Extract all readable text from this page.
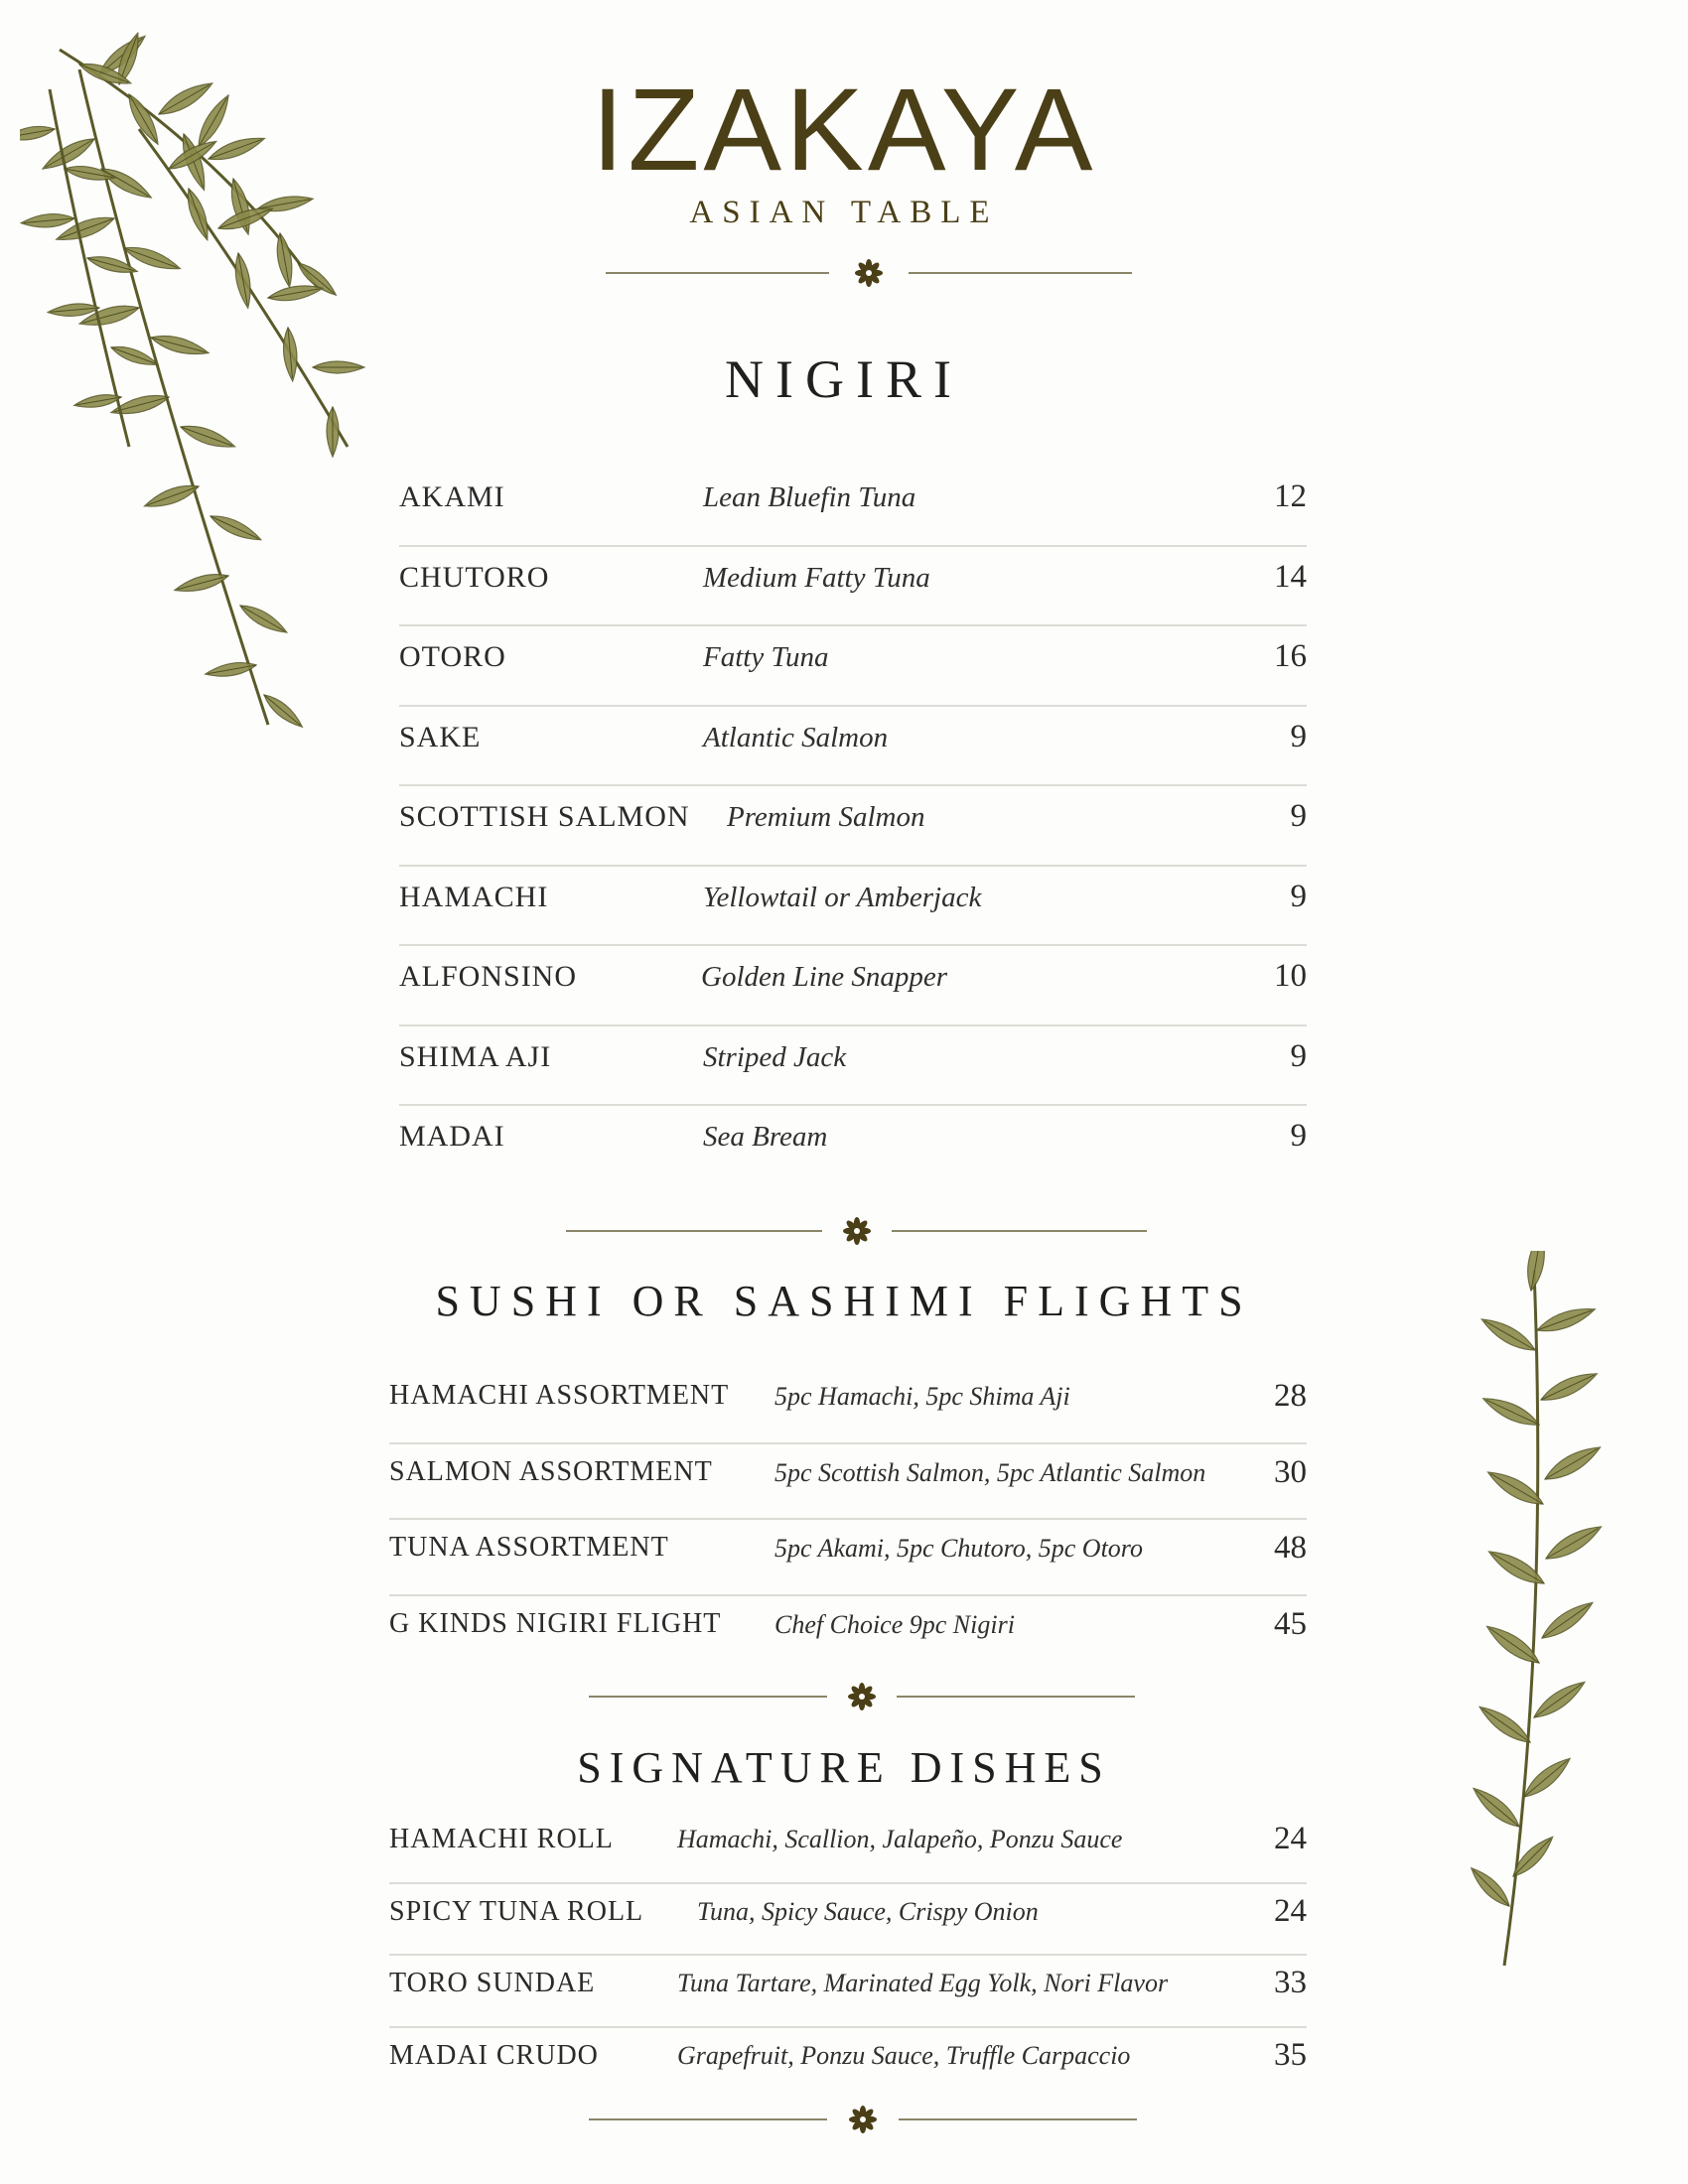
IZAKAYA
ASIAN TABLE
NIGIRI
AKAMI	Lean Bluefin Tuna	12
CHUTORO	Medium Fatty Tuna	14
OTORO	Fatty Tuna	16
SAKE	Atlantic Salmon	9
SCOTTISH SALMON Premium Salmon	9
HAMACHI	Yellowtail or Amberjack	9
ALFONSINO	Golden Line Snapper	10
SHIMA AJI	Striped Jack	9
MADAI	Sea Bream	9
SUSHI OR SASHIMI FLIGHTS
HAMACHI ASSORTMENT 5pc Hamachi, 5pc Shima Aji	28
SALMON ASSORTMENT 5pc Scottish Salmon, 5pc Atlantic Salmon 30
TUNA ASSORTMENT	5pc Akami, 5pc Chutoro, 5pc Otoro	48
G KINDS NIGIRI FLIGHT Chef Choice 9pc Nigiri	45
SIGNATURE DISHES
HAMACHI ROLL Hamachi, Scallion, Jalapeño, Ponzu Sauce	24
SPICY TUNA ROLL Tuna, Spicy Sauce, Crispy Onion	24
TORO SUNDAE	Tuna Tartare, Marinated Egg Yolk, Nori Flavor	33
MADAI CRUDO	Grapefruit, Ponzu Sauce, Truffle Carpaccio	35
